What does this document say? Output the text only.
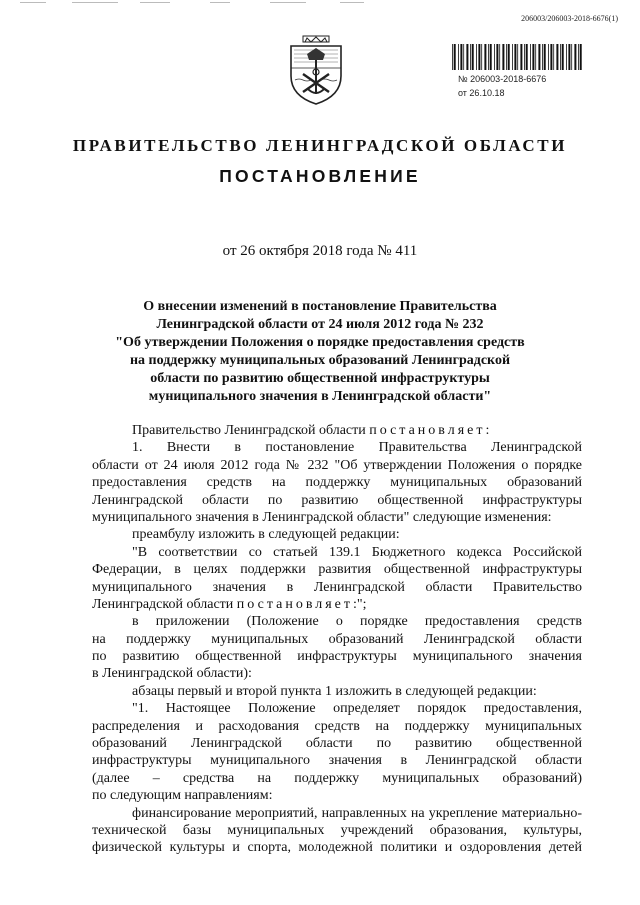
206003/206003-2018-6676(1)
№ 206003-2018-6676
от 26.10.18
ПРАВИТЕЛЬСТВО ЛЕНИНГРАДСКОЙ ОБЛАСТИ
ПОСТАНОВЛЕНИЕ
от 26 октября 2018 года № 411
О внесении изменений в постановление Правительства
Ленинградской области от 24 июля 2012 года № 232
"Об утверждении Положения о порядке предоставления средств
на поддержку муниципальных образований Ленинградской
области по развитию общественной инфраструктуры
муниципального значения в Ленинградской области"
Правительство Ленинградской области постановляет:
1. Внести в постановление Правительства Ленинградской
области от 24 июля 2012 года № 232 "Об утверждении Положения о порядке
предоставления средств на поддержку муниципальных образований
Ленинградской области по развитию общественной инфраструктуры
муниципального значения в Ленинградской области" следующие изменения:
преамбулу изложить в следующей редакции:
"В соответствии со статьей 139.1 Бюджетного кодекса Российской
Федерации, в целях поддержки развития общественной инфраструктуры
муниципального значения в Ленинградской области Правительство
Ленинградской области постановляет:";
в приложении (Положение о порядке предоставления средств
на поддержку муниципальных образований Ленинградской области
по развитию общественной инфраструктуры муниципального значения
в Ленинградской области):
абзацы первый и второй пункта 1 изложить в следующей редакции:
"1. Настоящее Положение определяет порядок предоставления,
распределения и расходования средств на поддержку муниципальных
образований Ленинградской области по развитию общественной
инфраструктуры муниципального значения в Ленинградской области
(далее – средства на поддержку муниципальных образований)
по следующим направлениям:
финансирование мероприятий, направленных на укрепление материально-
технической базы муниципальных учреждений образования, культуры,
физической культуры и спорта, молодежной политики и оздоровления детей
